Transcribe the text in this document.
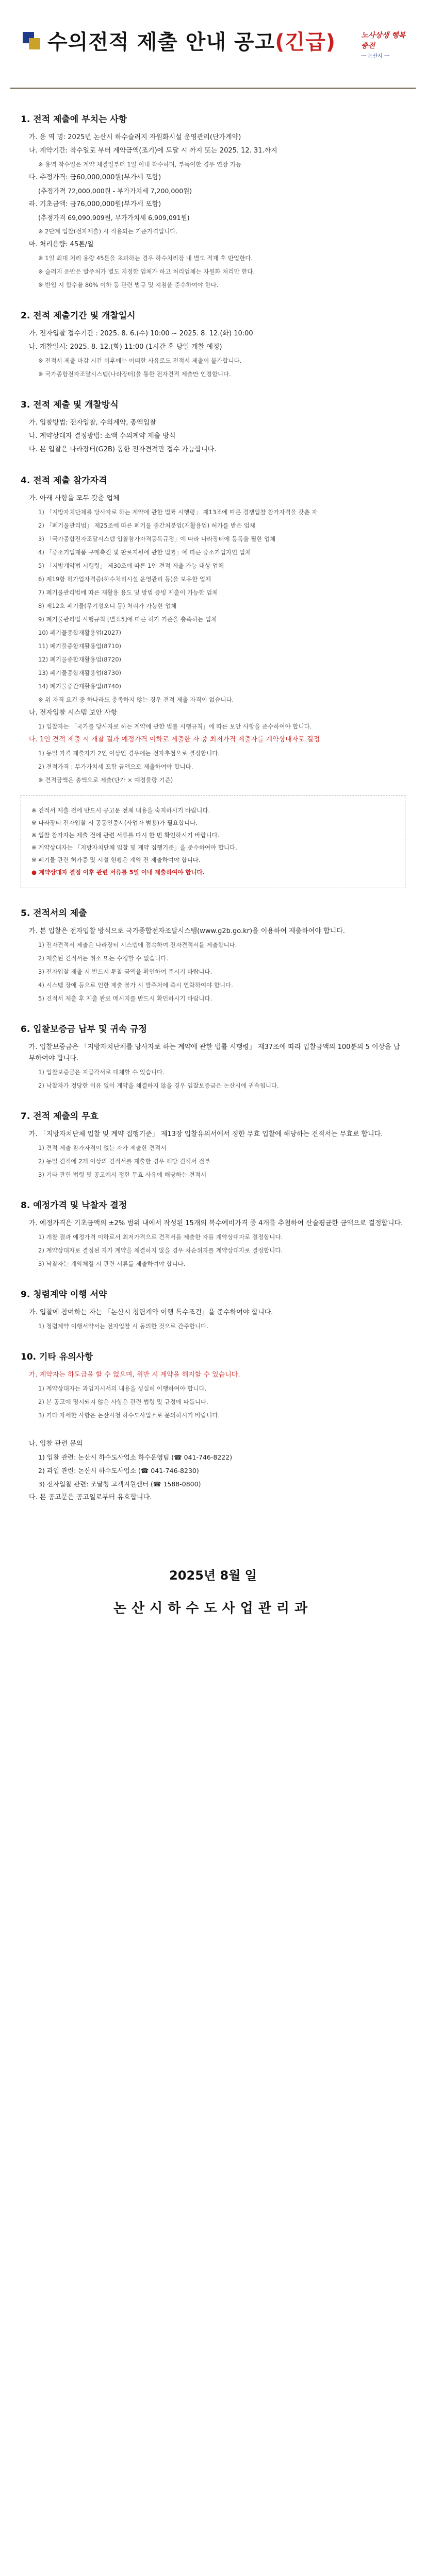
수의전적 제출 안내 공고(긴급)	노사상생 행복충전
ㅡ 논산시 ㅡ
1. 전적 제출에 부치는 사항
가. 용 역 명: 2025년 논산시 하수슬러지 자원화시설 운영관리(단가계약)
나. 계약기간: 착수일로 부터 계약금액(조기)에 도달 시 까지 또는 2025. 12. 31.까지
※ 용역 착수일은 계약 체결일부터 1일 이내 착수하며, 부득이한 경우 연장 가능
다. 추정가격: 금60,000,000원(부가세 포함)
(추정가격 72,000,000원 - 부가가치세 7,200,000원)
라. 기초금액: 금76,000,000원(부가세 포함)
(추정가격 69,090,909원, 부가가치세 6,909,091원)
※ 2단계 입찰(전자제출) 시 적용되는 기준가격입니다.
마. 처리용량: 45톤/일
※ 1일 최대 처리 용량 45톤을 초과하는 경우 하수처리장 내 별도 적재 후 반입한다.
※ 슬러지 운반은 발주처가 별도 지정한 업체가 하고 처리업체는 자원화 처리만 한다.
※ 반입 시 함수율 80% 이하 등 관련 법규 및 지침을 준수하여야 한다.
2. 전적 제출기간 및 개찰일시
가. 전자입찰 접수기간 : 2025. 8. 6.(수) 10:00 ~ 2025. 8. 12.(화) 10:00
나. 개찰일시: 2025. 8. 12.(화) 11:00 (1시간 후 당일 개찰 예정)
※ 전적서 제출 마감 시간 이후에는 어떠한 사유로도 전적서 제출이 불가합니다.
※ 국가종합전자조달시스템(나라장터)을 통한 전자견적 제출만 인정합니다.
3. 전적 제출 및 개찰방식
가. 입찰방법: 전자입찰, 수의계약, 총액입찰
나. 계약상대자 결정방법: 소액 수의계약 제출 방식
다. 본 입찰은 나라장터(G2B) 통한 전자견적만 접수 가능합니다.
4. 전적 제출 참가자격
가. 아래 사항을 모두 갖춘 업체
1) 「지방자치단체를 당사자로 하는 계약에 관한 법률 시행령」 제13조에 따른 경쟁입찰 참가자격을 갖춘 자
2) 「폐기물관리법」 제25조에 따른 폐기물 중간처분업(재활용업) 허가를 받은 업체
3) 「국가종합전자조달시스템 입찰참가자격등록규정」에 따라 나라장터에 등록을 필한 업체
4) 「중소기업제품 구매촉진 및 판로지원에 관한 법률」에 따른 중소기업자인 업체
5) 「지방계약법 시행령」 제30조에 따른 1인 견적 제출 가능 대상 업체
6) 제19항 허가업자격증(하수처리시설 운영관리 등)을 보유한 업체
7) 폐기물관리법에 따른 재활용 용도 및 방법 증빙 제출이 가능한 업체
8) 제12호 폐기물(무기성오니 등) 처리가 가능한 업체
9) 폐기물관리법 시행규칙 [별표5]에 따른 허가 기준을 충족하는 업체
10) 폐기물종합재활용업(2027)
11) 폐기물종합재활용업(8710)
12) 폐기물종합재활용업(8720)
13) 폐기물종합재활용업(8730)
14) 폐기물중간재활용업(8740)
※ 위 자격 요건 중 하나라도 충족하지 않는 경우 견적 제출 자격이 없습니다.
나. 전자입찰 시스템 보안 사항
1) 입찰자는 「국가를 당사자로 하는 계약에 관한 법률 시행규칙」에 따른 보안 사항을 준수하여야 합니다.
다. 1인 견적 제출 시 개찰 결과 예정가격 이하로 제출한 자 중 최저가격 제출자를 계약상대자로 결정
1) 동일 가격 제출자가 2인 이상인 경우에는 전자추첨으로 결정합니다.
2) 견적가격 : 부가가치세 포함 금액으로 제출하여야 합니다.
※ 견적금액은 총액으로 제출(단가 × 예정물량 기준)
※ 견적서 제출 전에 반드시 공고문 전체 내용을 숙지하시기 바랍니다.
※ 나라장터 전자입찰 시 공동인증서(사업자 범용)가 필요합니다.
※ 입찰 참가자는 제출 전에 관련 서류를 다시 한 번 확인하시기 바랍니다.
※ 계약상대자는 「지방자치단체 입찰 및 계약 집행기준」을 준수하여야 합니다.
※ 폐기물 관련 허가증 및 시설 현황은 계약 전 제출하여야 합니다.
● 계약상대자 결정 이후 관련 서류를 5일 이내 제출하여야 합니다.
5. 전적서의 제출
가. 본 입찰은 전자입찰 방식으로 국가종합전자조달시스템(www.g2b.go.kr)을 이용하여 제출하여야 합니다.
1) 전자견적서 제출은 나라장터 시스템에 접속하여 전자견적서를 제출합니다.
2) 제출된 견적서는 취소 또는 수정할 수 없습니다.
3) 전자입찰 제출 시 반드시 투찰 금액을 확인하여 주시기 바랍니다.
4) 시스템 장애 등으로 인한 제출 불가 시 발주처에 즉시 연락하여야 합니다.
5) 견적서 제출 후 제출 완료 메시지를 반드시 확인하시기 바랍니다.
6. 입찰보증금 납부 및 귀속 규정
가. 입찰보증금은 「지방자치단체를 당사자로 하는 계약에 관한 법률 시행령」 제37조에 따라 입찰금액의 100분의 5 이상을 납부하여야 합니다.
1) 입찰보증금은 지급각서로 대체할 수 있습니다.
2) 낙찰자가 정당한 이유 없이 계약을 체결하지 않을 경우 입찰보증금은 논산시에 귀속됩니다.
7. 전적 제출의 무효
가. 「지방자치단체 입찰 및 계약 집행기준」 제13장 입찰유의서에서 정한 무효 입찰에 해당하는 견적서는 무효로 합니다.
1) 견적 제출 참가자격이 없는 자가 제출한 견적서
2) 동일 견적에 2개 이상의 견적서를 제출한 경우 해당 견적서 전부
3) 기타 관련 법령 및 공고에서 정한 무효 사유에 해당하는 견적서
8. 예정가격 및 낙찰자 결정
가. 예정가격은 기초금액의 ±2% 범위 내에서 작성된 15개의 복수예비가격 중 4개를 추첨하여 산술평균한 금액으로 결정합니다.
1) 개찰 결과 예정가격 이하로서 최저가격으로 견적서를 제출한 자를 계약상대자로 결정합니다.
2) 계약상대자로 결정된 자가 계약을 체결하지 않을 경우 차순위자를 계약상대자로 결정합니다.
3) 낙찰자는 계약체결 시 관련 서류를 제출하여야 합니다.
9. 청렴계약 이행 서약
가. 입찰에 참여하는 자는 「논산시 청렴계약 이행 특수조건」을 준수하여야 합니다.
1) 청렴계약 이행서약서는 전자입찰 시 동의한 것으로 간주합니다.
10. 기타 유의사항
가. 계약자는 하도급을 할 수 없으며, 위반 시 계약을 해지할 수 있습니다.
1) 계약상대자는 과업지시서의 내용을 성실히 이행하여야 합니다.
2) 본 공고에 명시되지 않은 사항은 관련 법령 및 규정에 따릅니다.
3) 기타 자세한 사항은 논산시청 하수도사업소로 문의하시기 바랍니다.
나. 입찰 관련 문의
1) 입찰 관련: 논산시 하수도사업소 하수운영팀 (☎ 041-746-8222)
2) 과업 관련: 논산시 하수도사업소 (☎ 041-746-8230)
3) 전자입찰 관련: 조달청 고객지원센터 (☎ 1588-0800)
다. 본 공고문은 공고일로부터 유효합니다.
2025년 8월 일
논산시하수도사업관리과
